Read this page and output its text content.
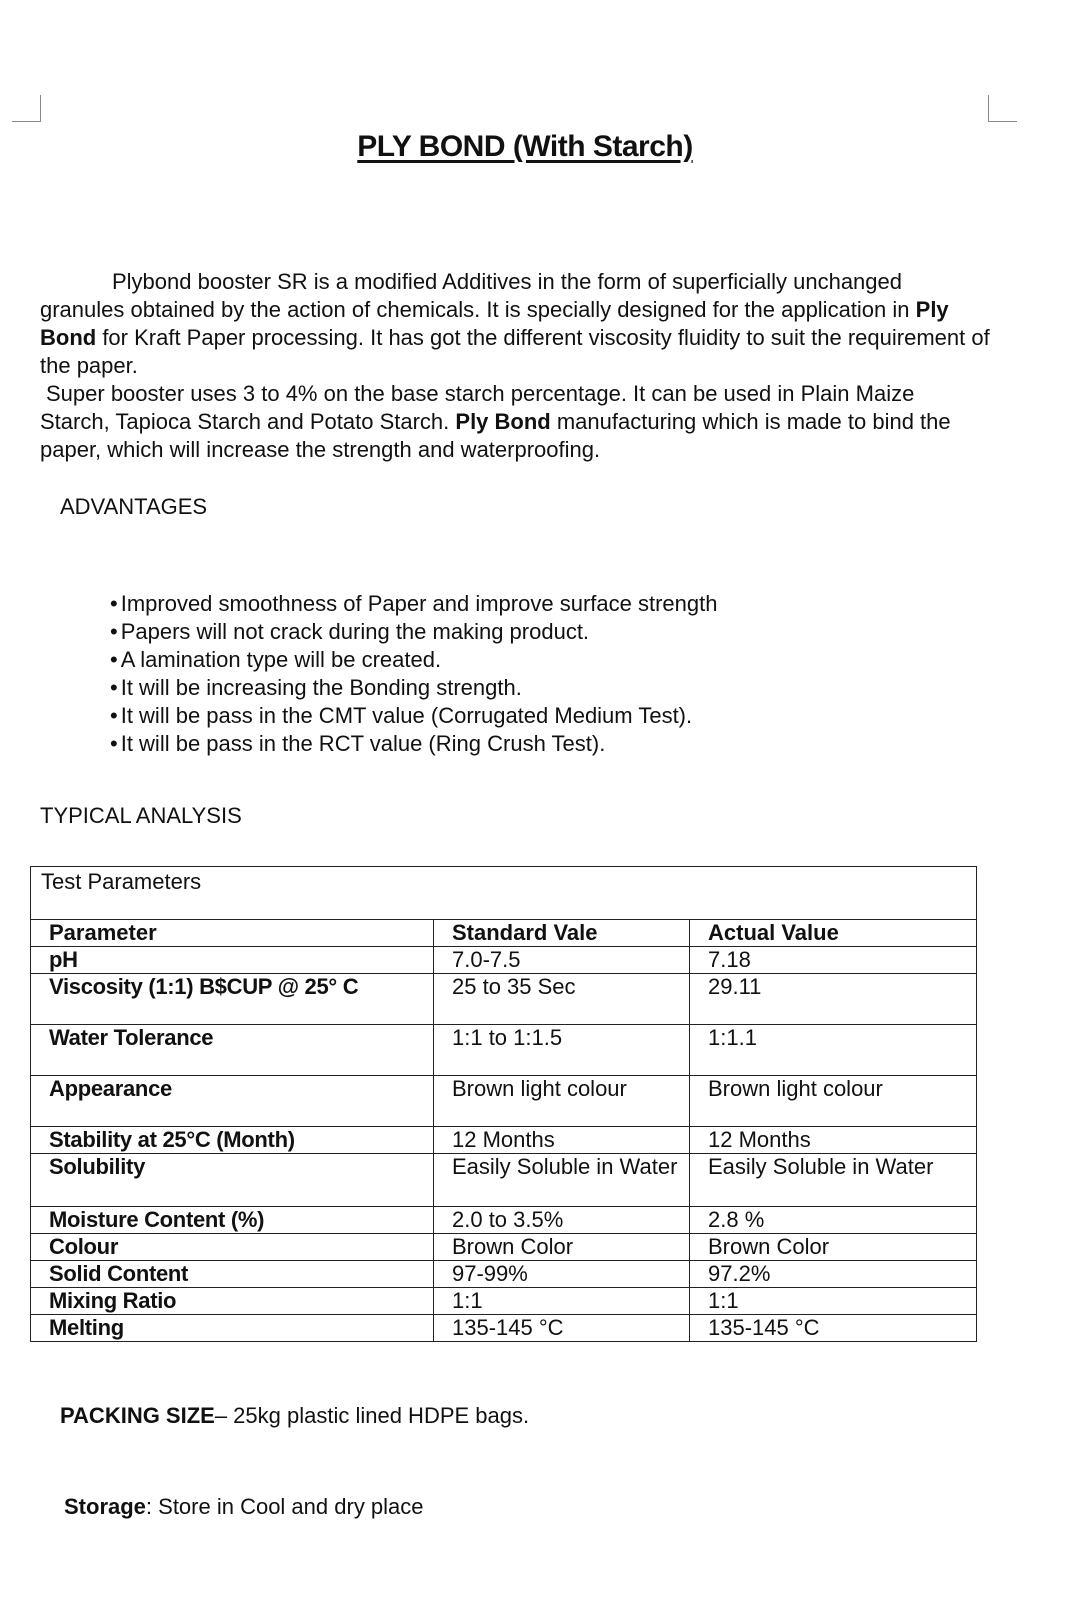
PLY BOND (With Starch)

Plybond booster SR is a modified Additives in the form of superficially unchanged granules obtained by the action of chemicals. It is specially designed for the application in Ply Bond for Kraft Paper processing. It has got the different viscosity fluidity to suit the requirement of the paper.

Super booster uses 3 to 4% on the base starch percentage. It can be used in Plain Maize Starch, Tapioca Starch and Potato Starch. Ply Bond manufacturing which is made to bind the paper, which will increase the strength and waterproofing.

ADVANTAGES
• Improved smoothness of Paper and improve surface strength
• Papers will not crack during the making product.
• A lamination type will be created.
• It will be increasing the Bonding strength.
• It will be pass in the CMT value (Corrugated Medium Test).
• It will be pass in the RCT value (Ring Crush Test).
TYPICAL ANALYSIS
Test Parameters		
Parameter	Standard Vale	Actual Value
pH	7.0-7.5	7.18
Viscosity (1:1) B$CUP @ 25° C	25 to 35 Sec	29.11
Water Tolerance	1:1 to 1:1.5	1:1.1
Appearance	Brown light colour	Brown light colour
Stability at 25°C (Month)	12 Months	12 Months
Solubility	Easily Soluble in Water	Easily Soluble in Water
Moisture Content (%)	2.0 to 3.5%	2.8 %
Colour	Brown Color	Brown Color
Solid Content	97-99%	97.2%
Mixing Ratio	1:1	1:1
Melting	135-145 °C	135-145 °C

PACKING SIZE– 25kg plastic lined HDPE bags.

Storage: Store in Cool and dry place
